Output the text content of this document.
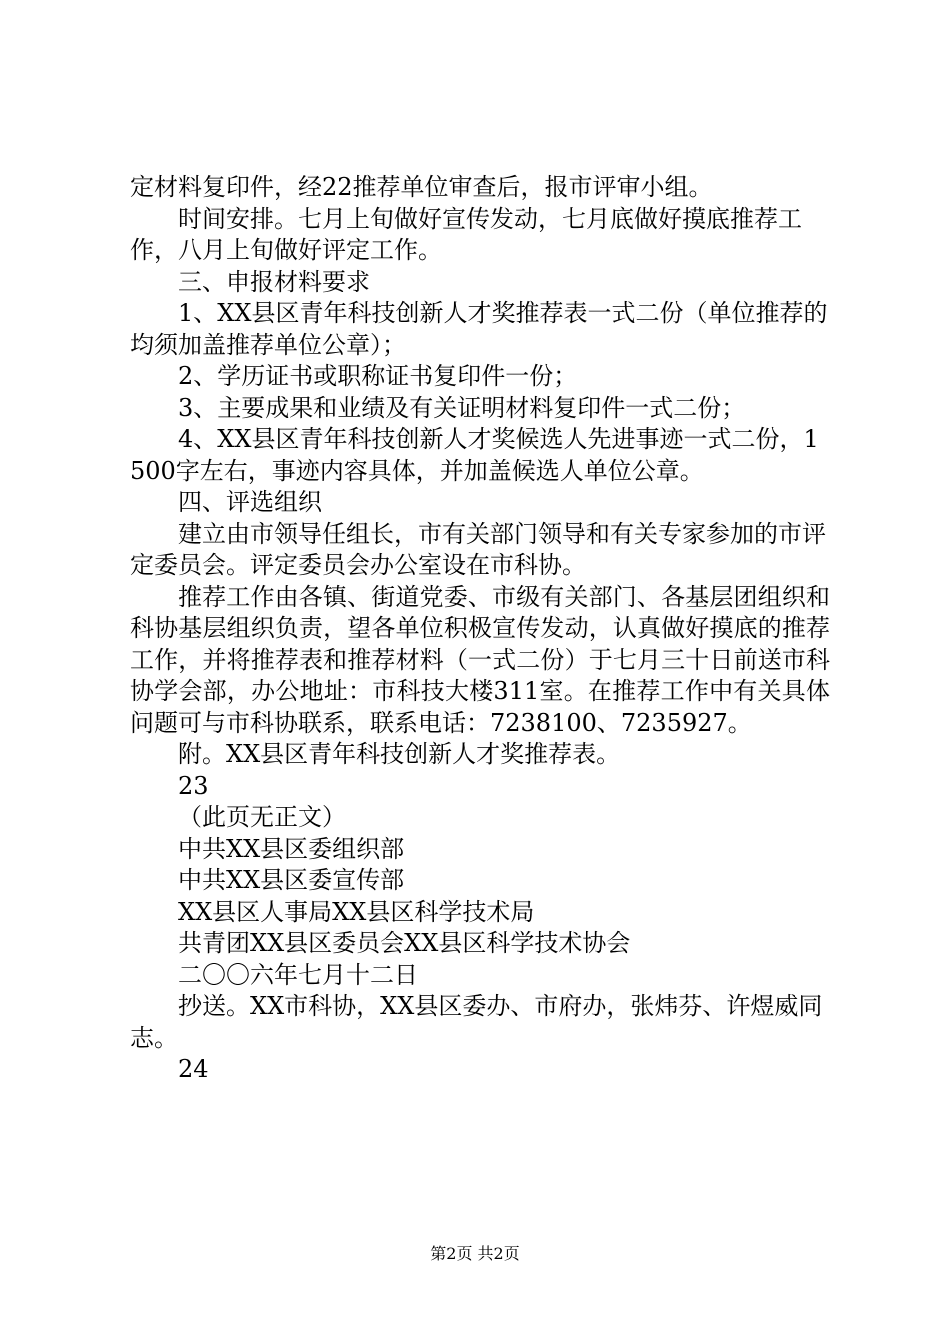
定材料复印件，经22推荐单位审查后，报市评审小组。

时间安排。七月上旬做好宣传发动，七月底做好摸底推荐工作，八月上旬做好评定工作。

三、申报材料要求

1、XX县区青年科技创新人才奖推荐表一式二份（单位推荐的均须加盖推荐单位公章）；

2、学历证书或职称证书复印件一份；

3、主要成果和业绩及有关证明材料复印件一式二份；

4、XX县区青年科技创新人才奖候选人先进事迹一式二份，1500字左右，事迹内容具体，并加盖候选人单位公章。

四、评选组织

建立由市领导任组长，市有关部门领导和有关专家参加的市评定委员会。评定委员会办公室设在市科协。

推荐工作由各镇、街道党委、市级有关部门、各基层团组织和科协基层组织负责，望各单位积极宣传发动，认真做好摸底的推荐工作，并将推荐表和推荐材料（一式二份）于七月三十日前送市科协学会部，办公地址：市科技大楼311室。在推荐工作中有关具体问题可与市科协联系，联系电话：7238100、7235927。

附。XX县区青年科技创新人才奖推荐表。

23

（此页无正文）

中共XX县区委组织部

中共XX县区委宣传部

XX县区人事局XX县区科学技术局

共青团XX县区委员会XX县区科学技术协会

二〇〇六年七月十二日

抄送。XX市科协，XX县区委办、市府办，张炜芬、许煜威同志。

24

第2页 共2页
